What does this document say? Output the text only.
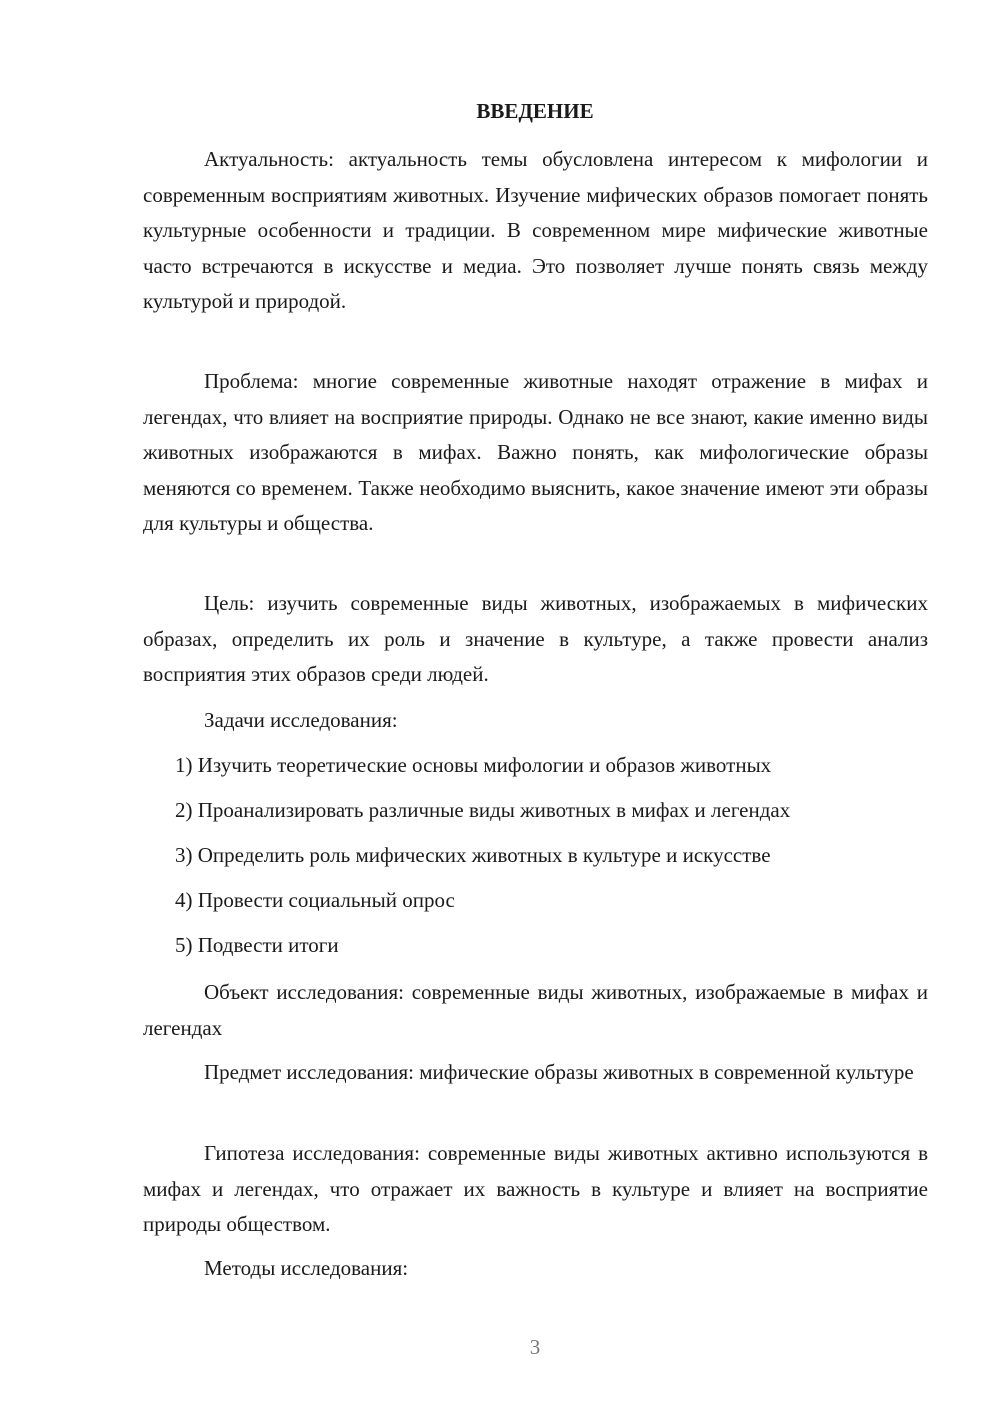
ВВЕДЕНИЕ

Актуальность: актуальность темы обусловлена интересом к мифологии и современным восприятиям животных. Изучение мифических образов помогает понять культурные особенности и традиции. В современном мире мифические животные часто встречаются в искусстве и медиа. Это позволяет лучше понять связь между культурой и природой.

Проблема: многие современные животные находят отражение в мифах и легендах, что влияет на восприятие природы. Однако не все знают, какие именно виды животных изображаются в мифах. Важно понять, как мифологические образы меняются со временем. Также необходимо выяснить, какое значение имеют эти образы для культуры и общества.

Цель: изучить современные виды животных, изображаемых в мифических образах, определить их роль и значение в культуре, а также провести анализ восприятия этих образов среди людей.

Задачи исследования:
1) Изучить теоретические основы мифологии и образов животных
2) Проанализировать различные виды животных в мифах и легендах
3) Определить роль мифических животных в культуре и искусстве
4) Провести социальный опрос
5) Подвести итоги

Объект исследования: современные виды животных, изображаемые в мифах и легендах

Предмет исследования: мифические образы животных в современной культуре

Гипотеза исследования: современные виды животных активно используются в мифах и легендах, что отражает их важность в культуре и влияет на восприятие природы обществом.

Методы исследования:
3
